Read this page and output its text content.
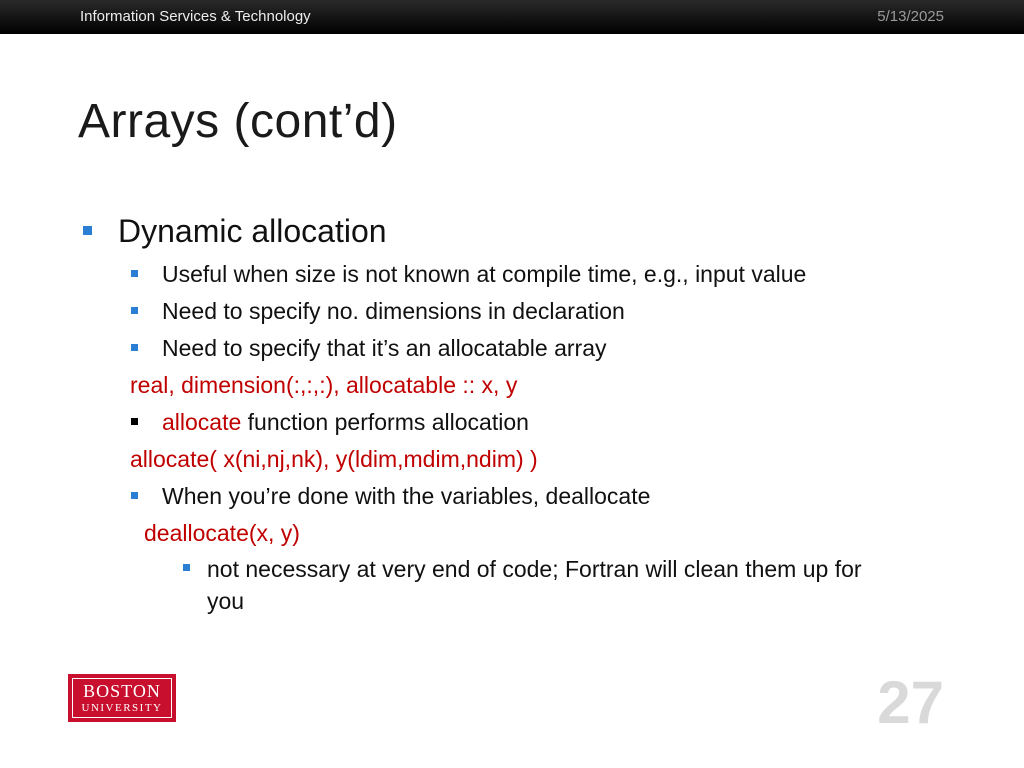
Information Services & Technology	5/13/2025
Arrays (cont’d)
Dynamic allocation
Useful when size is not known at compile time, e.g., input value
Need to specify no. dimensions in declaration
Need to specify that it’s an allocatable array
real, dimension(:,:,:), allocatable :: x, y
allocate function performs allocation
allocate( x(ni,nj,nk), y(ldim,mdim,ndim) )
When you’re done with the variables, deallocate
deallocate(x, y)
not necessary at very end of code; Fortran will clean them up for
you
BOSTON
UNIVERSITY	27
